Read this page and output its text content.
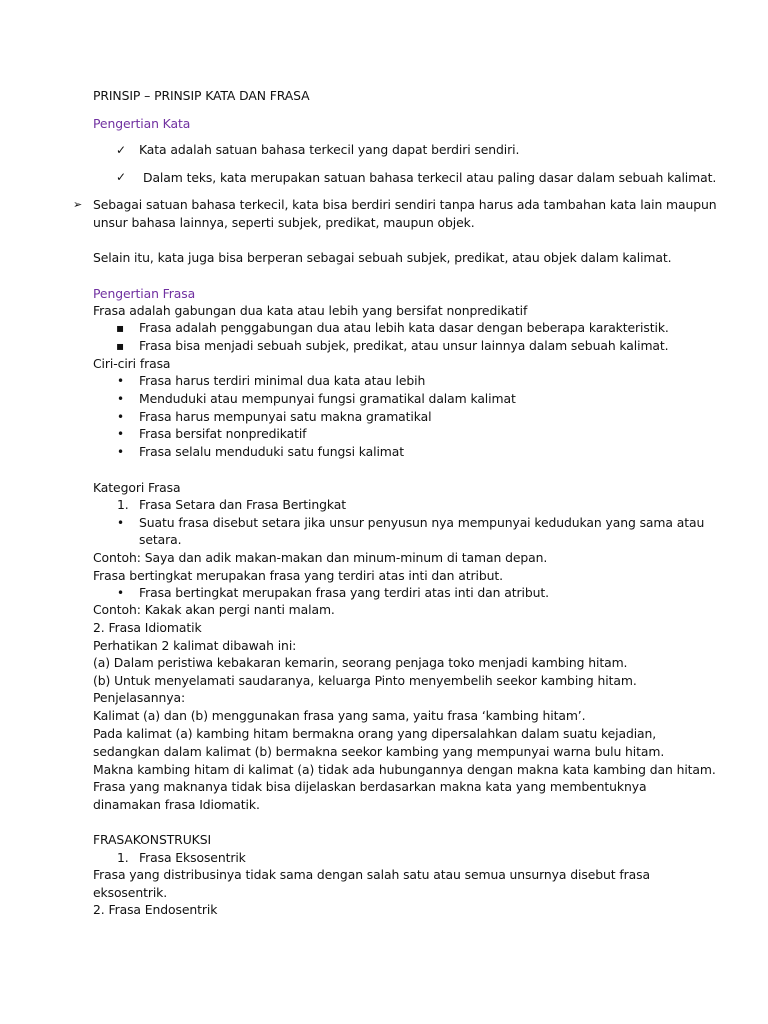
PRINSIP – PRINSIP KATA DAN FRASA
Pengertian Kata
✓ Kata adalah satuan bahasa terkecil yang dapat berdiri sendiri.
✓ Dalam teks, kata merupakan satuan bahasa terkecil atau paling dasar dalam sebuah kalimat.
➢ Sebagai satuan bahasa terkecil, kata bisa berdiri sendiri tanpa harus ada tambahan kata lain maupun
unsur bahasa lainnya, seperti subjek, predikat, maupun objek.
Selain itu, kata juga bisa berperan sebagai sebuah subjek, predikat, atau objek dalam kalimat.
Pengertian Frasa
Frasa adalah gabungan dua kata atau lebih yang bersifat nonpredikatif
▪ Frasa adalah penggabungan dua atau lebih kata dasar dengan beberapa karakteristik.
▪ Frasa bisa menjadi sebuah subjek, predikat, atau unsur lainnya dalam sebuah kalimat.
Ciri-ciri frasa
• Frasa harus terdiri minimal dua kata atau lebih
• Menduduki atau mempunyai fungsi gramatikal dalam kalimat
• Frasa harus mempunyai satu makna gramatikal
• Frasa bersifat nonpredikatif
• Frasa selalu menduduki satu fungsi kalimat
Kategori Frasa
1. Frasa Setara dan Frasa Bertingkat
• Suatu frasa disebut setara jika unsur penyusun nya mempunyai kedudukan yang sama atau
setara.
Contoh: Saya dan adik makan-makan dan minum-minum di taman depan.
Frasa bertingkat merupakan frasa yang terdiri atas inti dan atribut.
• Frasa bertingkat merupakan frasa yang terdiri atas inti dan atribut.
Contoh: Kakak akan pergi nanti malam.
2. Frasa Idiomatik
Perhatikan 2 kalimat dibawah ini:
(a) Dalam peristiwa kebakaran kemarin, seorang penjaga toko menjadi kambing hitam.
(b) Untuk menyelamati saudaranya, keluarga Pinto menyembelih seekor kambing hitam.
Penjelasannya:
Kalimat (a) dan (b) menggunakan frasa yang sama, yaitu frasa ‘kambing hitam’.
Pada kalimat (a) kambing hitam bermakna orang yang dipersalahkan dalam suatu kejadian,
sedangkan dalam kalimat (b) bermakna seekor kambing yang mempunyai warna bulu hitam.
Makna kambing hitam di kalimat (a) tidak ada hubungannya dengan makna kata kambing dan hitam.
Frasa yang maknanya tidak bisa dijelaskan berdasarkan makna kata yang membentuknya
dinamakan frasa Idiomatik.
FRASAKONSTRUKSI
1. Frasa Eksosentrik
Frasa yang distribusinya tidak sama dengan salah satu atau semua unsurnya disebut frasa
eksosentrik.
2. Frasa Endosentrik
